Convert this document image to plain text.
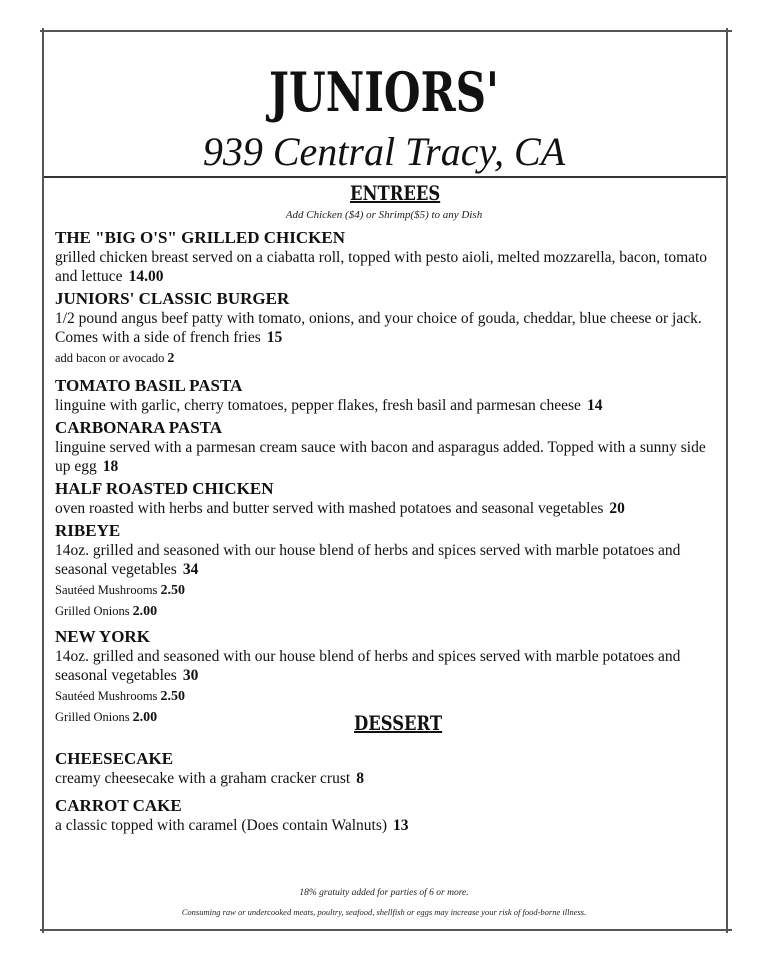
JUNIORS'
939 Central Tracy, CA
ENTREES
Add Chicken ($4) or Shrimp($5) to any Dish
THE "BIG O'S" GRILLED CHICKEN
grilled chicken breast served on a ciabatta roll, topped with pesto aioli, melted mozzarella, bacon, tomato and lettuce 14.00
JUNIORS' CLASSIC BURGER
1/2 pound angus beef patty with tomato, onions, and your choice of gouda, cheddar, blue cheese or jack. Comes with a side of french fries 15
add bacon or avocado 2
TOMATO BASIL PASTA
linguine with garlic, cherry tomatoes, pepper flakes, fresh basil and parmesan cheese 14
CARBONARA PASTA
linguine served with a parmesan cream sauce with bacon and asparagus added. Topped with a sunny side up egg 18
HALF ROASTED CHICKEN
oven roasted with herbs and butter served with mashed potatoes and seasonal vegetables 20
RIBEYE
14oz. grilled and seasoned with our house blend of herbs and spices served with marble potatoes and seasonal vegetables 34
Sautéed Mushrooms 2.50
Grilled Onions 2.00
NEW YORK
14oz. grilled and seasoned with our house blend of herbs and spices served with marble potatoes and seasonal vegetables 30
Sautéed Mushrooms 2.50
Grilled Onions 2.00
CHEESECAKE
creamy cheesecake with a graham cracker crust 8
CARROT CAKE
a classic topped with caramel (Does contain Walnuts) 13
DESSERT
18% gratuity added for parties of 6 or more.
Consuming raw or undercooked meats, poultry, seafood, shellfish or eggs may increase your risk of food-borne illness.
